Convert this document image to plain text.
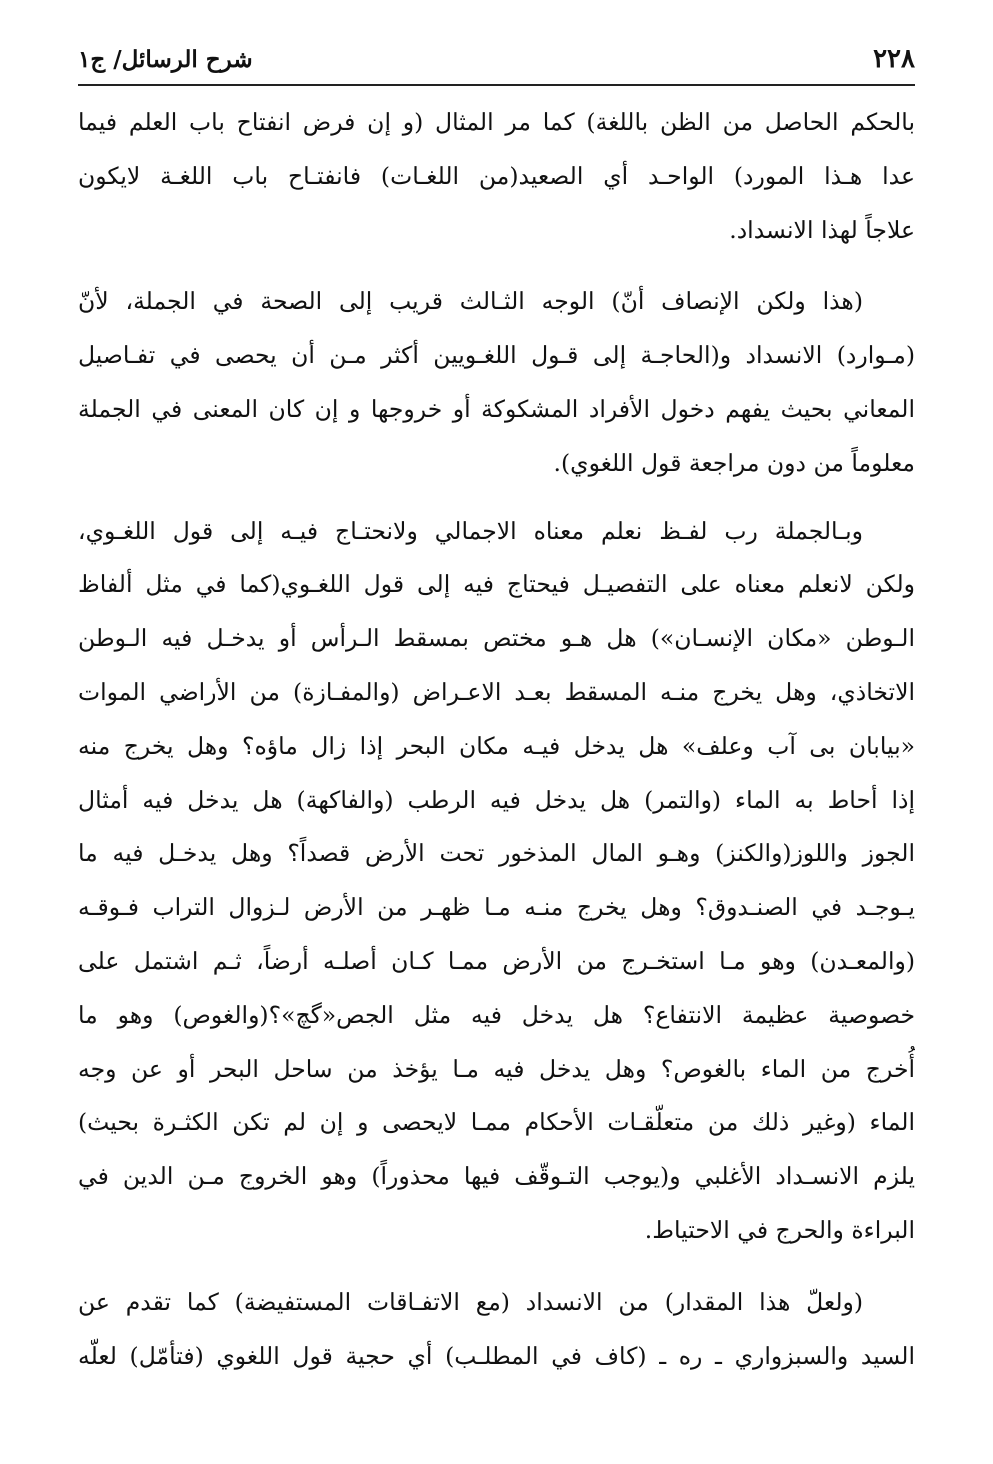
٢٢٨
شرح الرسائل/ ج١

بالحكم الحاصل من الظن باللغة) كما مر المثال (و إن فرض انفتاح باب العلم فيما
عدا هـذا المورد) الواحـد أي الصعيد(من اللغـات) فانفتـاح باب اللغـة لايكون
علاجاً لهذا الانسداد.

(هذا ولكن الإنصاف أنّ) الوجه الثـالث قريب إلى الصحة في الجملة، لأنّ
(مـوارد) الانسداد و(الحاجـة إلى قـول اللغـويين أكثر مـن أن يحصى في تفـاصيل
المعاني بحيث يفهم دخول الأفراد المشكوكة أو خروجها و إن كان المعنى في الجملة
معلوماً من دون مراجعة قول اللغوي).

وبـالجملة رب لفـظ نعلم معناه الاجمالي ولانحتـاج فيـه إلى قول اللغـوي،
ولكن لانعلم معناه على التفصيـل فيحتاج فيه إلى قول اللغـوي(كما في مثل ألفاظ
الـوطن «مكان الإنسـان») هل هـو مختص بمسقط الـرأس أو يدخـل فيه الـوطن
الاتخاذي، وهل يخرج منـه المسقط بعـد الاعـراض (والمفـازة) من الأراضي الموات
«بيابان بى آب وعلف» هل يدخل فيـه مكان البحر إذا زال ماؤه؟ وهل يخرج منه
إذا أحاط به الماء (والتمر) هل يدخل فيه الرطب (والفاكهة) هل يدخل فيه أمثال
الجوز واللوز(والكنز) وهـو المال المذخور تحت الأرض قصداً؟ وهل يدخـل فيه ما
يـوجـد في الصنـدوق؟ وهل يخرج منـه مـا ظهـر من الأرض لـزوال التراب فـوقـه
(والمعـدن) وهو مـا استخـرج من الأرض ممـا كـان أصلـه أرضاً، ثـم اشتمل على
خصوصية عظيمة الانتفاع؟ هل يدخل فيه مثل الجص«گچ»؟(والغوص) وهو ما
أُخرج من الماء بالغوص؟ وهل يدخل فيه مـا يؤخذ من ساحل البحر أو عن وجه
الماء (وغير ذلك من متعلّقـات الأحكام ممـا لايحصى و إن لم تكن الكثـرة بحيث)
يلزم الانسـداد الأغلبي و(يوجب التـوقّف فيها محذوراً) وهو الخروج مـن الدين في
البراءة والحرج في الاحتياط.

(ولعلّ هذا المقدار) من الانسداد (مع الاتفـاقات المستفيضة) كما تقدم عن
السيد والسبزواري ـ ره ـ (كاف في المطلـب) أي حجية قول اللغوي (فتأمّل) لعلّه
